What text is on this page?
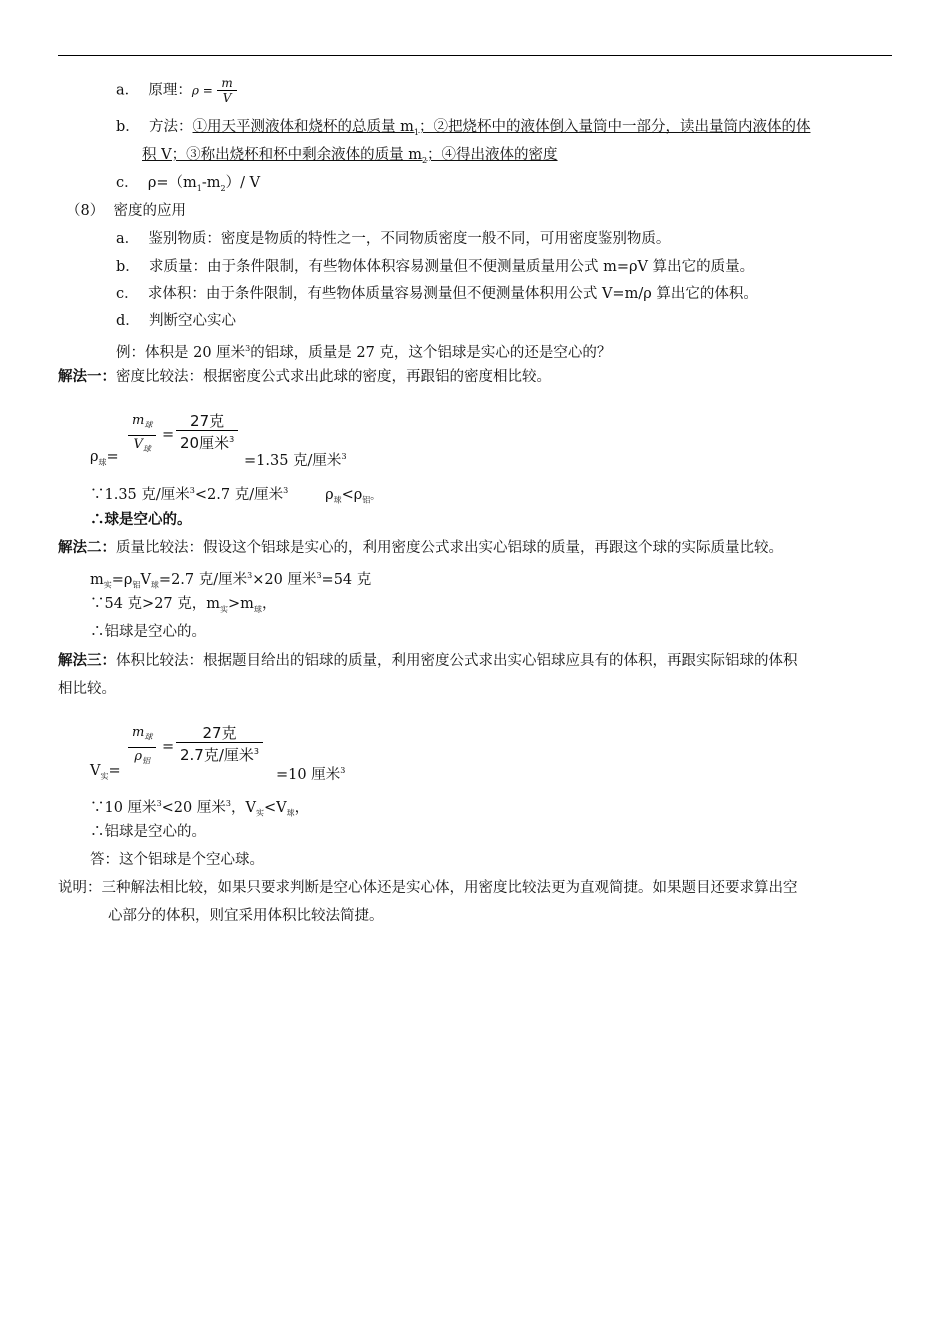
a． 原理：$\rho = \frac{m}{V}$
b． 方法：①用天平测液体和烧杯的总质量 $m_1$；②把烧杯中的液体倒入量筒中一部分，读出量筒内液体的体
积 V；③称出烧杯和杯中剩余液体的质量 $m_2$；④得出液体的密度
c． $\rho=(m_1-m_2)/$ V
（8） 密度的应用
a． 鉴别物质：密度是物质的特性之一，不同物质密度一般不同，可用密度鉴别物质。
b． 求质量：由于条件限制，有些物体体积容易测量但不便测量质量用公式 m=ρV 算出它的质量。
c． 求体积：由于条件限制，有些物体质量容易测量但不便测量体积用公式 V=m/ρ 算出它的体积。
d． 判断空心实心
例：体积是 20 厘米$^3$的铝球，质量是 27 克，这个铝球是实心的还是空心的？
解法一：密度比较法：根据密度公式求出此球的密度，再跟铝的密度相比较。
$\rho_球=$
$m_球$
$V_球$
=
27克
20厘米$^3$
=1.35 克/厘米$^3$
∵1.35 克/厘米$^3$<2.7 克/厘米$^3$	$\rho_球<\rho_铝$。
∴球是空心的。
解法二：质量比较法：假设这个铝球是实心的，利用密度公式求出实心铝球的质量，再跟这个球的实际质量比较。
$m_实=\rho_铝V_球=2.7$ 克/厘米$^3$×20 厘米$^3$=54 克
∵54 克>27 克，$m_实>m_球$，
∴铝球是空心的。
解法三：体积比较法：根据题目给出的铝球的质量，利用密度公式求出实心铝球应具有的体积，再跟实际铝球的体积
相比较。
$V_实=$
$m_球$
$\rho_铝$
=
27克
2.7克/厘米$^3$
=10 厘米$^3$
∵10 厘米$^3$<20 厘米$^3$，$V_实<V_球$，
∴铝球是空心的。
答：这个铝球是个空心球。
说明：三种解法相比较，如果只要求判断是空心体还是实心体，用密度比较法更为直观简捷。如果题目还要求算出空
心部分的体积，则宜采用体积比较法简捷。
